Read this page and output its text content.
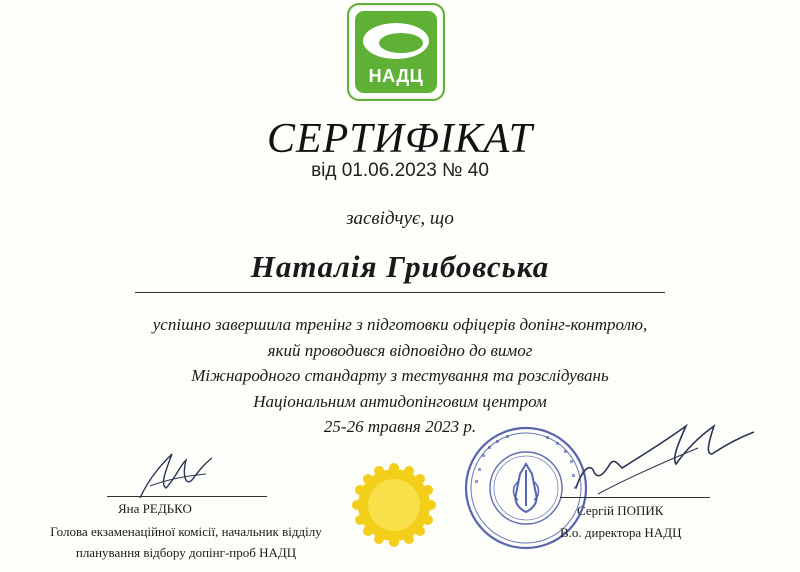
НАДЦ
СЕРТИФІКАТ
від 01.06.2023 № 40
засвідчує, що
Наталія Грибовська
успішно завершила тренінг з підготовки офіцерів допінг-контролю,
який проводився відповідно до вимог
Міжнародного стандарту з тестування та розслідувань
Національним антидопінговим центром
25-26 травня 2023 р.
Яна РЕДЬКО
Голова екзаменаційної комісії, начальник відділу
планування відбору допінг-проб НАДЦ
Сергій ПОПИК
В.о. директора НАДЦ
